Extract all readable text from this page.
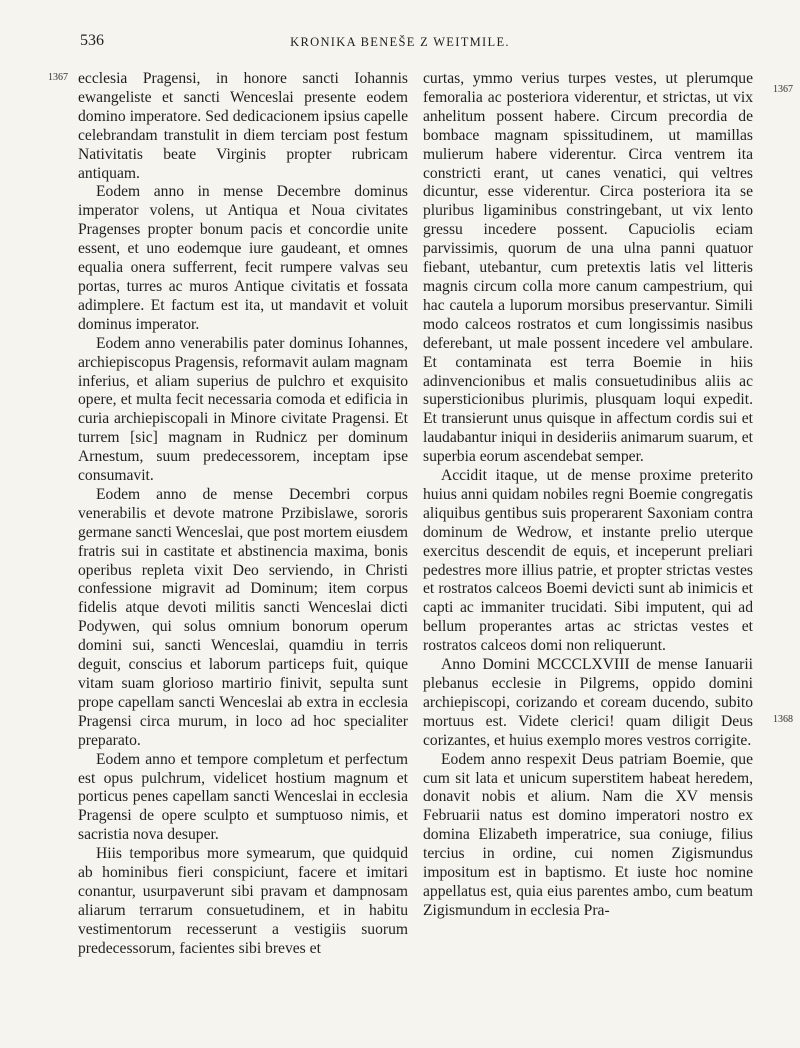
536	KRONIKA BENEŠE Z WEITMILE.
1367
1367
1368

ecclesia Pragensi, in honore sancti Iohannis ewangeliste et sancti Wenceslai presente eodem domino imperatore. Sed dedicacionem ipsius capelle celebrandam transtulit in diem terciam post festum Nativitatis beate Virginis propter rubricam antiquam.

Eodem anno in mense Decembre dominus imperator volens, ut Antiqua et Noua civitates Pragenses propter bonum pacis et concordie unite essent, et uno eodemque iure gaudeant, et omnes equalia onera sufferrent, fecit rumpere valvas seu portas, turres ac muros Antique civitatis et fossata adimplere. Et factum est ita, ut mandavit et voluit dominus imperator.

Eodem anno venerabilis pater dominus Iohannes, archiepiscopus Pragensis, reformavit aulam magnam inferius, et aliam superius de pulchro et exquisito opere, et multa fecit necessaria comoda et edificia in curia archiepiscopali in Minore civitate Pragensi. Et turrem [sic] magnam in Rudnicz per dominum Arnestum, suum predecessorem, inceptam ipse consumavit.

Eodem anno de mense Decembri corpus venerabilis et devote matrone Przibislawe, sororis germane sancti Wenceslai, que post mortem eiusdem fratris sui in castitate et abstinencia maxima, bonis operibus repleta vixit Deo serviendo, in Christi confessione migravit ad Dominum; item corpus fidelis atque devoti militis sancti Wenceslai dicti Podywen, qui solus omnium bonorum operum domini sui, sancti Wenceslai, quamdiu in terris deguit, conscius et laborum particeps fuit, quique vitam suam glorioso martirio finivit, sepulta sunt prope capellam sancti Wenceslai ab extra in ecclesia Pragensi circa murum, in loco ad hoc specialiter preparato.

Eodem anno et tempore completum et perfectum est opus pulchrum, videlicet hostium magnum et porticus penes capellam sancti Wenceslai in ecclesia Pragensi de opere sculpto et sumptuoso nimis, et sacristia nova desuper.

Hiis temporibus more symearum, que quidquid ab hominibus fieri conspiciunt, facere et imitari conantur, usurpaverunt sibi pravam et dampnosam aliarum terrarum consuetudinem, et in habitu vestimentorum recesserunt a vestigiis suorum predecessorum, facientes sibi breves et

curtas, ymmo verius turpes vestes, ut plerumque femoralia ac posteriora viderentur, et strictas, ut vix anhelitum possent habere. Circum precordia de bombace magnam spissitudinem, ut mamillas mulierum habere viderentur. Circa ventrem ita constricti erant, ut canes venatici, qui veltres dicuntur, esse viderentur. Circa posteriora ita se pluribus ligaminibus constringebant, ut vix lento gressu incedere possent. Capuciolis eciam parvissimis, quorum de una ulna panni quatuor fiebant, utebantur, cum pretextis latis vel litteris magnis circum colla more canum campestrium, qui hac cautela a luporum morsibus preservantur. Simili modo calceos rostratos et cum longissimis nasibus deferebant, ut male possent incedere vel ambulare. Et contaminata est terra Boemie in hiis adinvencionibus et malis consuetudinibus aliis ac supersticionibus plurimis, plusquam loqui expedit. Et transierunt unus quisque in affectum cordis sui et laudabantur iniqui in desideriis animarum suarum, et superbia eorum ascendebat semper.

Accidit itaque, ut de mense proxime preterito huius anni quidam nobiles regni Boemie congregatis aliquibus gentibus suis properarent Saxoniam contra dominum de Wedrow, et instante prelio uterque exercitus descendit de equis, et inceperunt preliari pedestres more illius patrie, et propter strictas vestes et rostratos calceos Boemi devicti sunt ab inimicis et capti ac immaniter trucidati. Sibi imputent, qui ad bellum properantes artas ac strictas vestes et rostratos calceos domi non reliquerunt.

Anno Domini MCCCLXVIII de mense Ianuarii plebanus ecclesie in Pilgrems, oppido domini archiepiscopi, corizando et coream ducendo, subito mortuus est. Videte clerici! quam diligit Deus corizantes, et huius exemplo mores vestros corrigite.

Eodem anno respexit Deus patriam Boemie, que cum sit lata et unicum superstitem habeat heredem, donavit nobis et alium. Nam die XV mensis Februarii natus est domino imperatori nostro ex domina Elizabeth imperatrice, sua coniuge, filius tercius in ordine, cui nomen Zigismundus impositum est in baptismo. Et iuste hoc nomine appellatus est, quia eius parentes ambo, cum beatum Zigismundum in ecclesia Pra-
